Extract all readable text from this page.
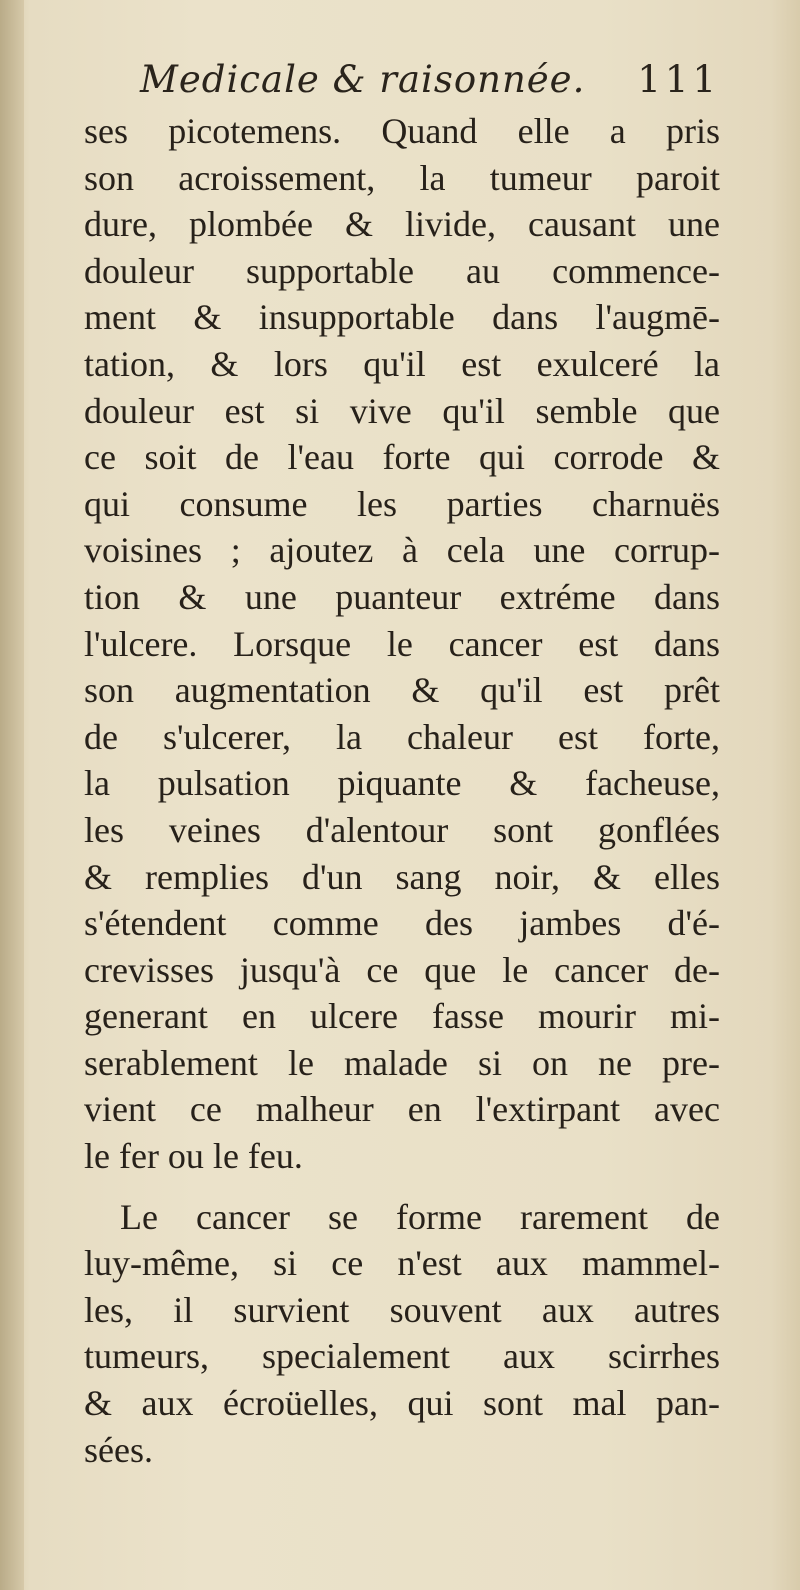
Medicale & raisonnée. 111
ses picotemens. Quand elle a pris
son acroissement, la tumeur paroit
dure, plombée & livide, causant une
douleur supportable au commence-
ment & insupportable dans l'augmē-
tation, & lors qu'il est exulceré la
douleur est si vive qu'il semble que
ce soit de l'eau forte qui corrode &
qui consume les parties charnuës
voisines ; ajoutez à cela une corrup-
tion & une puanteur extréme dans
l'ulcere. Lorsque le cancer est dans
son augmentation & qu'il est prêt
de s'ulcerer, la chaleur est forte,
la pulsation piquante & facheuse,
les veines d'alentour sont gonflées
& remplies d'un sang noir, & elles
s'étendent comme des jambes d'é-
crevisses jusqu'à ce que le cancer de-
generant en ulcere fasse mourir mi-
serablement le malade si on ne pre-
vient ce malheur en l'extirpant avec
le fer ou le feu.
Le cancer se forme rarement de
luy-même, si ce n'est aux mammel-
les, il survient souvent aux autres
tumeurs, specialement aux scirrhes
& aux écroüelles, qui sont mal pan-
sées.
